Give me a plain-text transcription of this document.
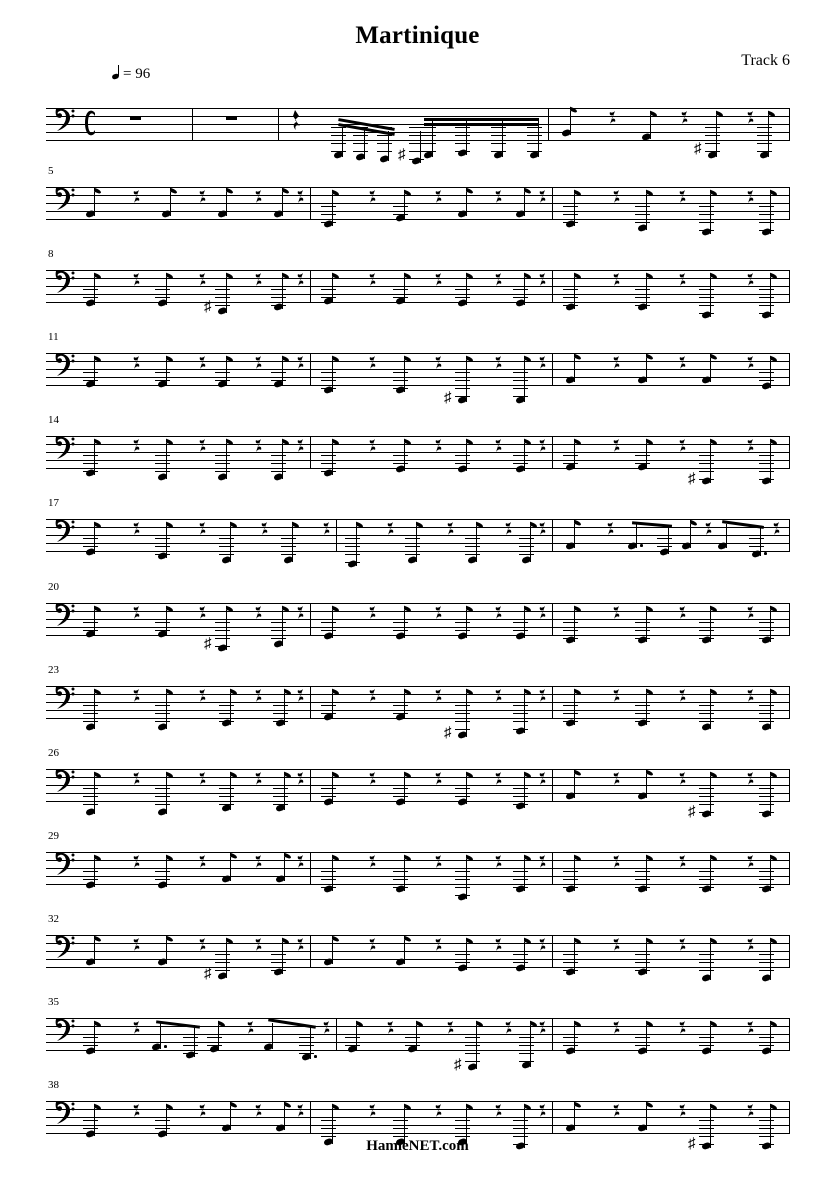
Martinique
Track 6
= 96
♯	♯
5
8
♯
11
♯
14
♯
17
20
♯
23
♯
26
♯
29
32
♯
35
♯
38
♯
HamieNET.com
